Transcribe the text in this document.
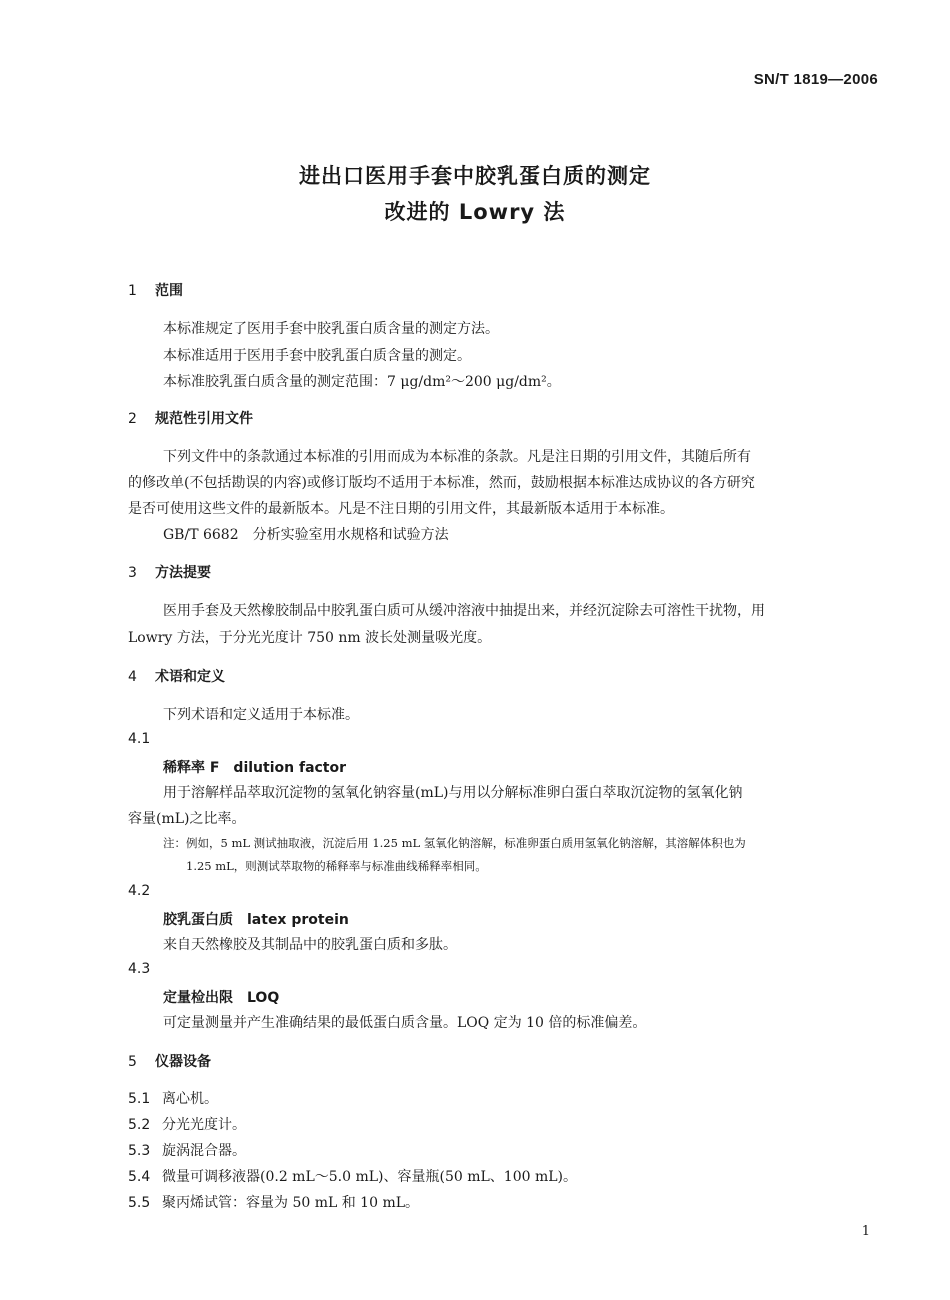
SN/T 1819—2006
进出口医用手套中胶乳蛋白质的测定
改进的 Lowry 法
1 范围
本标准规定了医用手套中胶乳蛋白质含量的测定方法。
本标准适用于医用手套中胶乳蛋白质含量的测定。
本标准胶乳蛋白质含量的测定范围：7 μg/dm²～200 μg/dm²。
2 规范性引用文件
下列文件中的条款通过本标准的引用而成为本标准的条款。凡是注日期的引用文件，其随后所有
的修改单(不包括勘误的内容)或修订版均不适用于本标准，然而，鼓励根据本标准达成协议的各方研究
是否可使用这些文件的最新版本。凡是不注日期的引用文件，其最新版本适用于本标准。
GB/T 6682　分析实验室用水规格和试验方法
3 方法提要
医用手套及天然橡胶制品中胶乳蛋白质可从缓冲溶液中抽提出来，并经沉淀除去可溶性干扰物，用
Lowry 方法，于分光光度计 750 nm 波长处测量吸光度。
4 术语和定义
下列术语和定义适用于本标准。
4.1
稀释率 F　dilution factor
用于溶解样品萃取沉淀物的氢氧化钠容量(mL)与用以分解标准卵白蛋白萃取沉淀物的氢氧化钠
容量(mL)之比率。
注：例如，5 mL 测试抽取液，沉淀后用 1.25 mL 氢氧化钠溶解，标准卵蛋白质用氢氧化钠溶解，其溶解体积也为
1.25 mL，则测试萃取物的稀释率与标准曲线稀释率相同。
4.2
胶乳蛋白质　latex protein
来自天然橡胶及其制品中的胶乳蛋白质和多肽。
4.3
定量检出限　LOQ
可定量测量并产生准确结果的最低蛋白质含量。LOQ 定为 10 倍的标准偏差。
5 仪器设备
5.1 离心机。
5.2 分光光度计。
5.3 旋涡混合器。
5.4 微量可调移液器(0.2 mL～5.0 mL)、容量瓶(50 mL、100 mL)。
5.5 聚丙烯试管：容量为 50 mL 和 10 mL。
1
